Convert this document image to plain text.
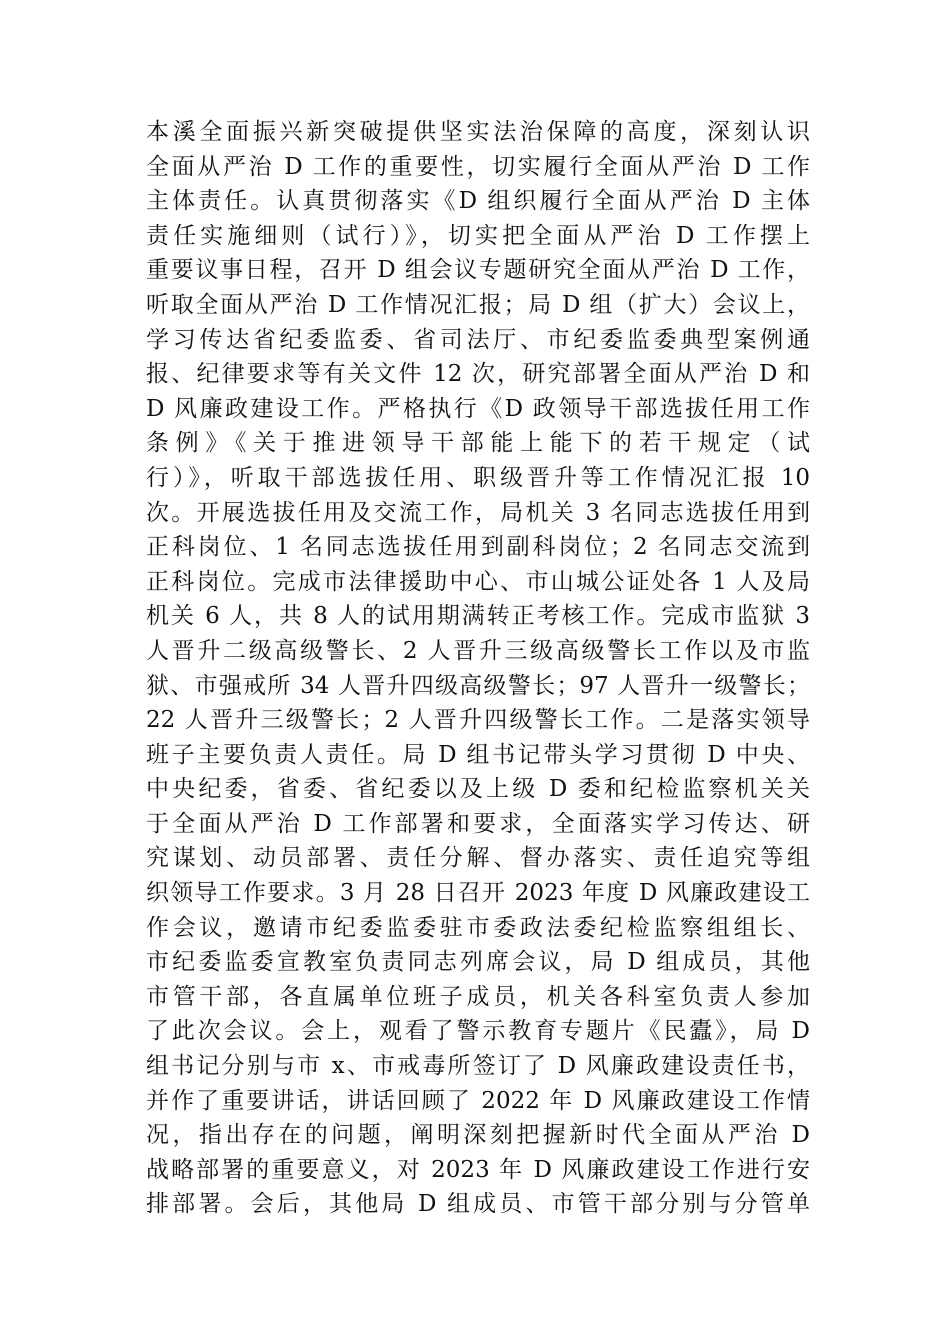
本溪全面振兴新突破提供坚实法治保障的高度，深刻认识
全面从严治 D 工作的重要性，切实履行全面从严治 D 工作
主体责任。认真贯彻落实《D 组织履行全面从严治 D 主体
责任实施细则（试行）》，切实把全面从严治 D 工作摆上
重要议事日程，召开 D 组会议专题研究全面从严治 D 工作，
听取全面从严治 D 工作情况汇报；局 D 组（扩大）会议上，
学习传达省纪委监委、省司法厅、市纪委监委典型案例通
报、纪律要求等有关文件 12 次，研究部署全面从严治 D 和
D 风廉政建设工作。严格执行《D 政领导干部选拔任用工作
条例》《关于推进领导干部能上能下的若干规定（试
行）》，听取干部选拔任用、职级晋升等工作情况汇报 10
次。开展选拔任用及交流工作，局机关 3 名同志选拔任用到
正科岗位、1 名同志选拔任用到副科岗位；2 名同志交流到
正科岗位。完成市法律援助中心、市山城公证处各 1 人及局
机关 6 人，共 8 人的试用期满转正考核工作。完成市监狱 3
人晋升二级高级警长、2 人晋升三级高级警长工作以及市监
狱、市强戒所 34 人晋升四级高级警长；97 人晋升一级警长；
22 人晋升三级警长；2 人晋升四级警长工作。二是落实领导
班子主要负责人责任。局 D 组书记带头学习贯彻 D 中央、
中央纪委，省委、省纪委以及上级 D 委和纪检监察机关关
于全面从严治 D 工作部署和要求，全面落实学习传达、研
究谋划、动员部署、责任分解、督办落实、责任追究等组
织领导工作要求。3 月 28 日召开 2023 年度 D 风廉政建设工
作会议，邀请市纪委监委驻市委政法委纪检监察组组长、
市纪委监委宣教室负责同志列席会议，局 D 组成员，其他
市管干部，各直属单位班子成员，机关各科室负责人参加
了此次会议。会上，观看了警示教育专题片《民蠹》，局 D
组书记分别与市 x、市戒毒所签订了 D 风廉政建设责任书，
并作了重要讲话，讲话回顾了 2022 年 D 风廉政建设工作情
况，指出存在的问题，阐明深刻把握新时代全面从严治 D
战略部署的重要意义，对 2023 年 D 风廉政建设工作进行安
排部署。会后，其他局 D 组成员、市管干部分别与分管单
